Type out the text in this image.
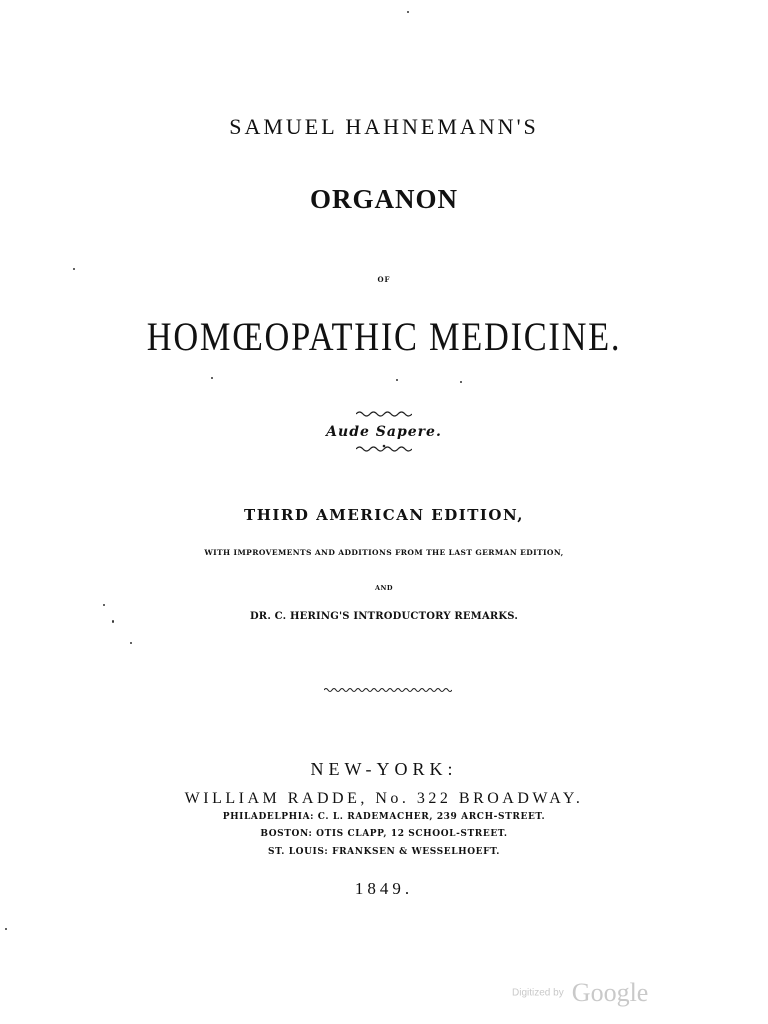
SAMUEL HAHNEMANN'S
ORGANON
OF
HOMŒOPATHIC MEDICINE.
Aude Sapere.
THIRD AMERICAN EDITION,
WITH IMPROVEMENTS AND ADDITIONS FROM THE LAST GERMAN EDITION,
AND
DR. C. HERING'S INTRODUCTORY REMARKS.
NEW-YORK:
WILLIAM RADDE, No. 322 BROADWAY.
PHILADELPHIA: C. L. RADEMACHER, 239 ARCH-STREET.
BOSTON: OTIS CLAPP, 12 SCHOOL-STREET.
ST. LOUIS: FRANKSEN & WESSELHOEFT.
1849.
Digitized by Google
